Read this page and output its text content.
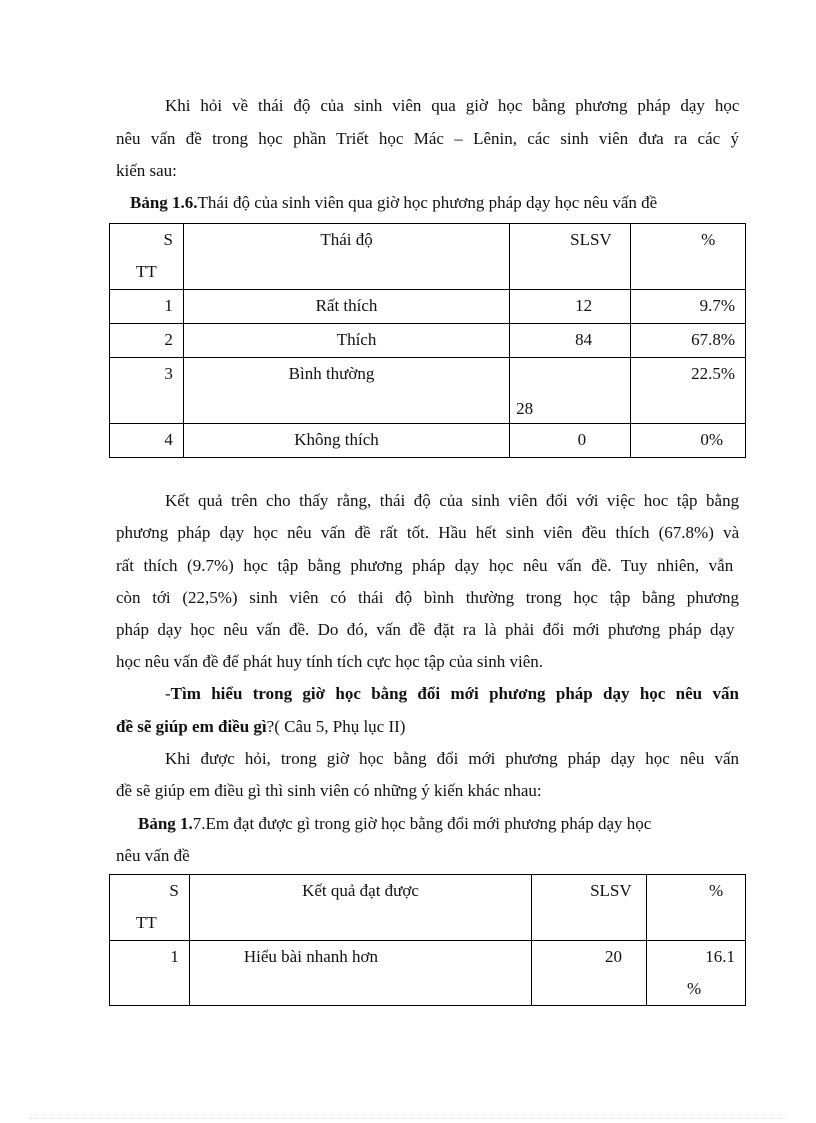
Khi hỏi về thái độ của sinh viên qua giờ học bằng phương pháp dạy học
nêu vấn đề trong học phần Triết học Mác – Lênin, các sinh viên đưa ra các ý
kiến sau:
Bảng 1.6.Thái độ của sinh viên qua giờ học phương pháp dạy học nêu vấn đề
S
TT	Thái độ	SLSV	%
1	Rất thích	12	9.7%
2	Thích	84	67.8%
3	Bình thường	28	22.5%
4	Không thích	0	0%
Kết quả trên cho thấy rằng, thái độ của sinh viên đối với việc hoc tập bằng
phương pháp dạy học nêu vấn đề rất tốt. Hầu hết sinh viên đều thích (67.8%) và
rất thích (9.7%) học tập bằng phương pháp dạy học nêu vấn đề. Tuy nhiên, vẫn
còn tới (22,5%) sinh viên có thái độ bình thường trong học tập bằng phương
pháp dạy học nêu vấn đề. Do đó, vấn đề đặt ra là phải đổi mới phương pháp dạy
học nêu vấn đề để phát huy tính tích cực học tập của sinh viên.
-Tìm hiểu trong giờ học bằng đổi mới phương pháp dạy học nêu vấn
đề sẽ giúp em điều gì?( Câu 5, Phụ lục II)
Khi được hỏi, trong giờ học bằng đổi mới phương pháp dạy học nêu vấn
đề sẽ giúp em điều gì thì sinh viên có những ý kiến khác nhau:
Bảng 1.7.Em đạt được gì trong giờ học bằng đổi mới phương pháp dạy học
nêu vấn đề
S
TT	Kết quả đạt được	SLSV	%
1	Hiểu bài nhanh hơn	20	16.1
%
